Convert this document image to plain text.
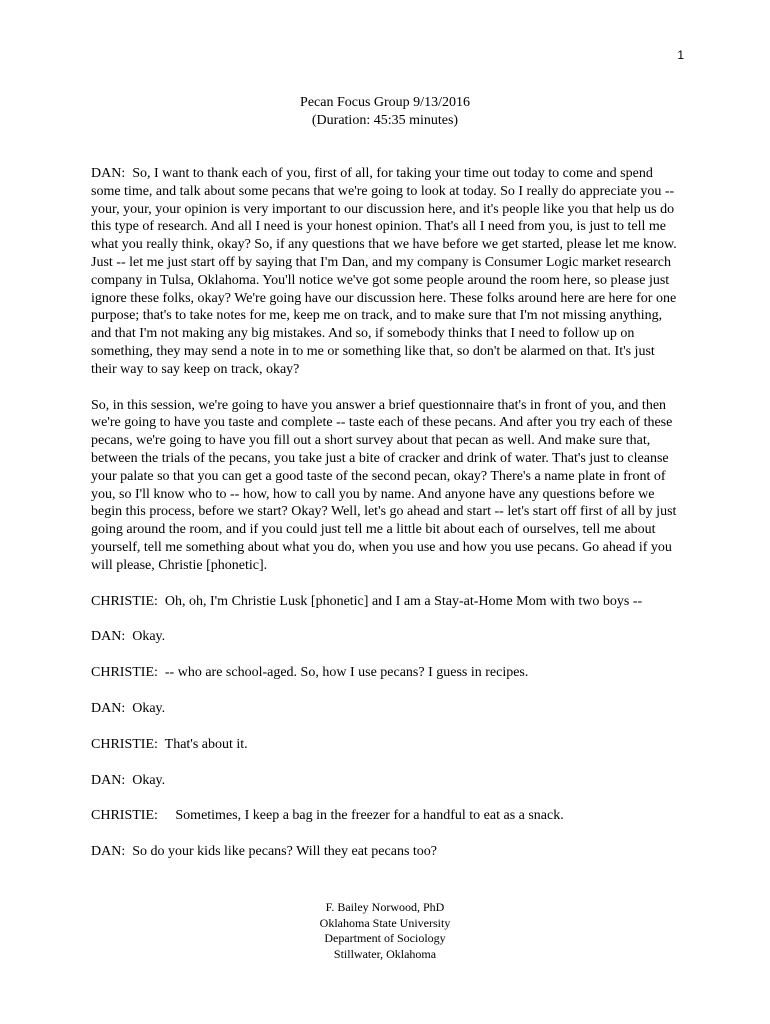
1
Pecan Focus Group 9/13/2016
(Duration: 45:35 minutes)

DAN: So, I want to thank each of you, first of all, for taking your time out today to come and spend some time, and talk about some pecans that we're going to look at today. So I really do appreciate you -- your, your, your opinion is very important to our discussion here, and it's people like you that help us do this type of research. And all I need is your honest opinion. That's all I need from you, is just to tell me what you really think, okay? So, if any questions that we have before we get started, please let me know. Just -- let me just start off by saying that I'm Dan, and my company is Consumer Logic market research company in Tulsa, Oklahoma. You'll notice we've got some people around the room here, so please just ignore these folks, okay? We're going have our discussion here. These folks around here are here for one purpose; that's to take notes for me, keep me on track, and to make sure that I'm not missing anything, and that I'm not making any big mistakes. And so, if somebody thinks that I need to follow up on something, they may send a note in to me or something like that, so don't be alarmed on that. It's just their way to say keep on track, okay?

So, in this session, we're going to have you answer a brief questionnaire that's in front of you, and then we're going to have you taste and complete -- taste each of these pecans. And after you try each of these pecans, we're going to have you fill out a short survey about that pecan as well. And make sure that, between the trials of the pecans, you take just a bite of cracker and drink of water. That's just to cleanse your palate so that you can get a good taste of the second pecan, okay? There's a name plate in front of you, so I'll know who to -- how, how to call you by name. And anyone have any questions before we begin this process, before we start? Okay? Well, let's go ahead and start -- let's start off first of all by just going around the room, and if you could just tell me a little bit about each of ourselves, tell me about yourself, tell me something about what you do, when you use and how you use pecans. Go ahead if you will please, Christie [phonetic].

CHRISTIE: Oh, oh, I'm Christie Lusk [phonetic] and I am a Stay-at-Home Mom with two boys --

DAN: Okay.

CHRISTIE: -- who are school-aged. So, how I use pecans? I guess in recipes.

DAN: Okay.

CHRISTIE: That's about it.

DAN: Okay.

CHRISTIE: Sometimes, I keep a bag in the freezer for a handful to eat as a snack.

DAN: So do your kids like pecans? Will they eat pecans too?

F. Bailey Norwood, PhD
Oklahoma State University
Department of Sociology
Stillwater, Oklahoma
